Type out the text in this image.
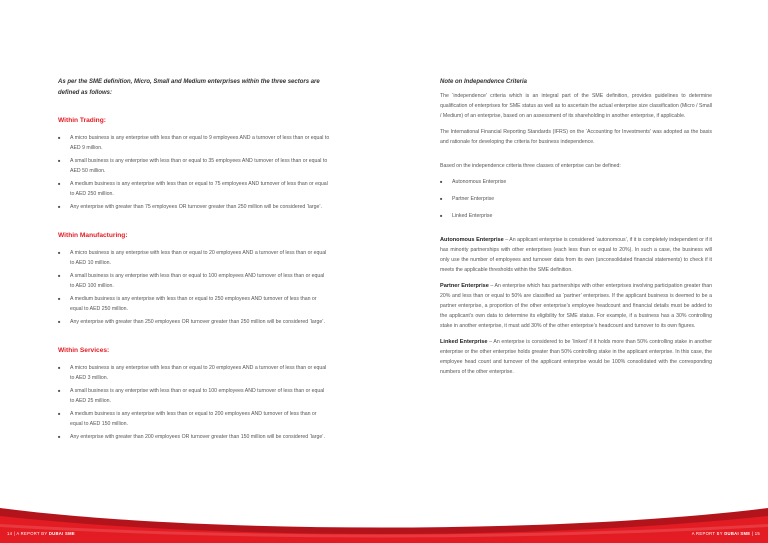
As per the SME definition, Micro, Small and Medium enterprises within the three sectors are defined as follows:

Within Trading:
■ A micro business is any enterprise with less than or equal to 9 employees AND a turnover of less than or equal to AED 9 million.
■ A small business is any enterprise with less than or equal to 35 employees AND turnover of less than or equal to AED 50 million.
■ A medium business is any enterprise with less than or equal to 75 employees AND turnover of less than or equal to AED 250 million.
■ Any enterprise with greater than 75 employees OR turnover greater than 250 million will be considered ‘large’.
Within Manufacturing:
■ A micro business is any enterprise with less than or equal to 20 employees AND a turnover of less than or equal to AED 10 million.
■ A small business is any enterprise with less than or equal to 100 employees AND turnover of less than or equal to AED 100 million.
■ A medium business is any enterprise with less than or equal to 250 employees AND turnover of less than or equal to AED 250 million.
■ Any enterprise with greater than 250 employees OR turnover greater than 250 million will be considered ‘large’.
Within Services:
■ A micro business is any enterprise with less than or equal to 20 employees AND a turnover of less than or equal to AED 3 million.
■ A small business is any enterprise with less than or equal to 100 employees AND turnover of less than or equal to AED 25 million.
■ A medium business is any enterprise with less than or equal to 200 employees AND turnover of less than or equal to AED 150 million.
■ Any enterprise with greater than 200 employees OR turnover greater than 150 million will be considered ‘large’.

Note on Independence Criteria

The ‘independence’ criteria which is an integral part of the SME definition, provides guidelines to determine qualification of enterprises for SME status as well as to ascertain the actual enterprise size classification (Micro / Small / Medium) of an enterprise, based on an assessment of its shareholding in another enterprise, if applicable.

The International Financial Reporting Standards (IFRS) on the ‘Accounting for Investments’ was adopted as the basis and rationale for developing the criteria for business independence.

Based on the independence criteria three classes of enterprise can be defined:

■ Autonomous Enterprise
■ Partner Enterprise
■ Linked Enterprise

Autonomous Enterprise – An applicant enterprise is considered ‘autonomous’, if it is completely independent or if it has minority partnerships with other enterprises (each less than or equal to 20%). In such a case, the business will only use the number of employees and turnover data from its own (unconsolidated financial statements) to check if it meets the applicable thresholds within the SME definition.

Partner Enterprise – An enterprise which has partnerships with other enterprises involving participation greater than 20% and less than or equal to 50% are classified as ‘partner’ enterprises. If the applicant business is deemed to be a partner enterprise, a proportion of the other enterprise’s employee headcount and financial details must be added to the applicant’s own data to determine its eligibility for SME status. For example, if a business has a 30% controlling stake in another enterprise, it must add 30% of the other enterprise’s headcount and turnover to its own figures.

Linked Enterprise – An enterprise is considered to be ‘linked’ if it holds more than 50% controlling stake in another enterprise or the other enterprise holds greater than 50% controlling stake in the applicant enterprise. In this case, the employee head count and turnover of the applicant enterprise would be 100% consolidated with the corresponding numbers of the other enterprise.

14 | A REPORT BY DUBAI SME	A REPORT BY DUBAI SME | 15
